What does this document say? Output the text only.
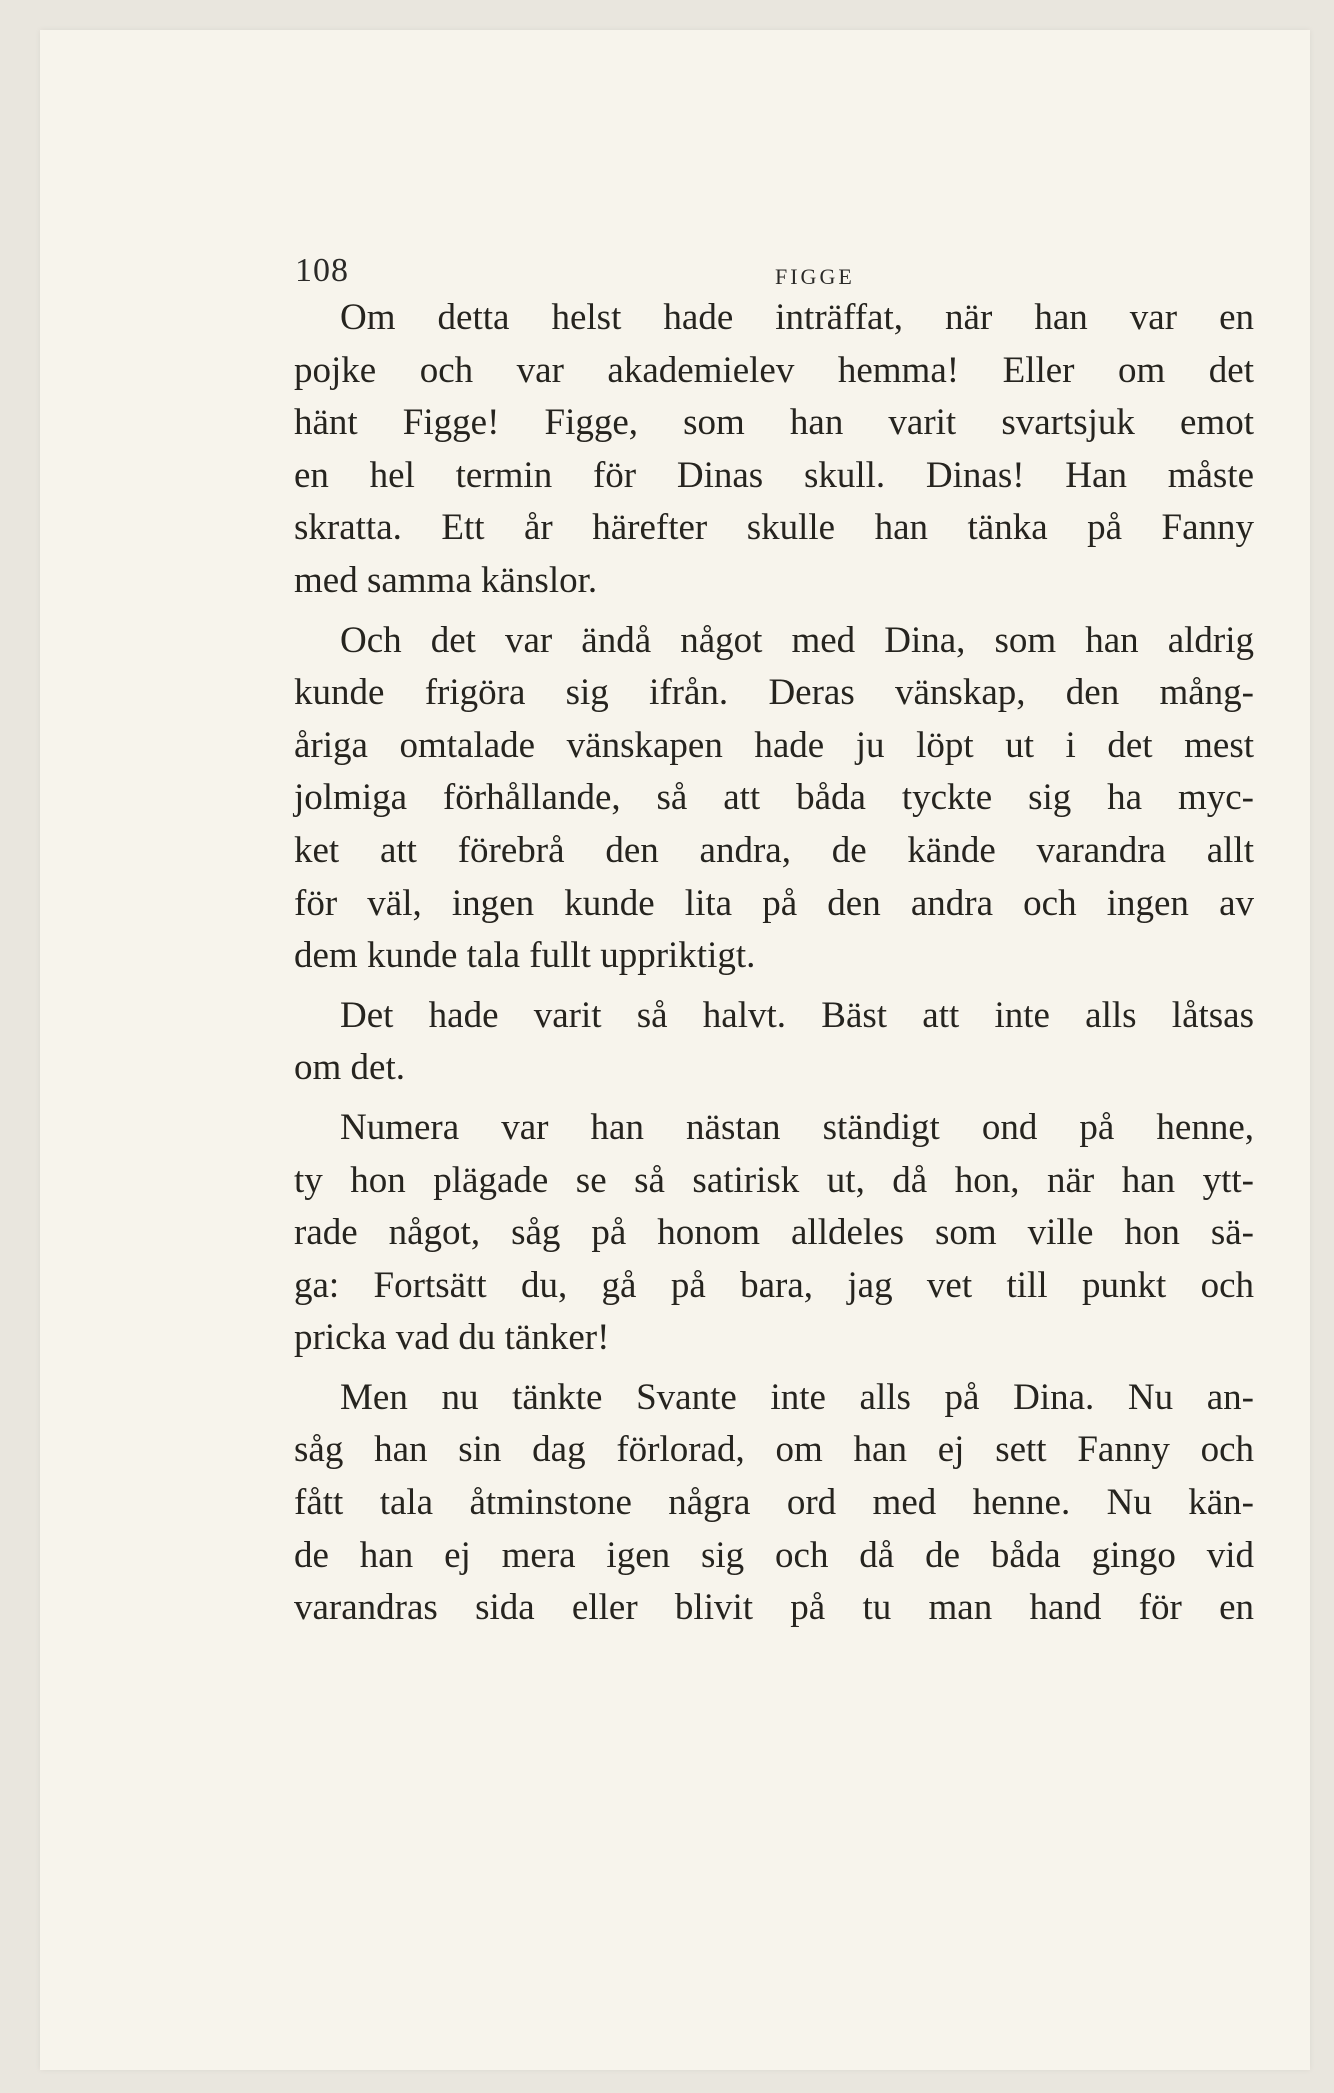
108	FIGGE
Om detta helst hade inträffat, när han var en
pojke och var akademielev hemma! Eller om det
hänt Figge! Figge, som han varit svartsjuk emot
en hel termin för Dinas skull. Dinas! Han måste
skratta. Ett år härefter skulle han tänka på Fanny
med samma känslor.
Och det var ändå något med Dina, som han aldrig
kunde frigöra sig ifrån. Deras vänskap, den mång-
åriga omtalade vänskapen hade ju löpt ut i det mest
jolmiga förhållande, så att båda tyckte sig ha myc-
ket att förebrå den andra, de kände varandra allt
för väl, ingen kunde lita på den andra och ingen av
dem kunde tala fullt uppriktigt.
Det hade varit så halvt. Bäst att inte alls låtsas
om det.
Numera var han nästan ständigt ond på henne,
ty hon plägade se så satirisk ut, då hon, när han ytt-
rade något, såg på honom alldeles som ville hon sä-
ga: Fortsätt du, gå på bara, jag vet till punkt och
pricka vad du tänker!
Men nu tänkte Svante inte alls på Dina. Nu an-
såg han sin dag förlorad, om han ej sett Fanny och
fått tala åtminstone några ord med henne. Nu kän-
de han ej mera igen sig och då de båda gingo vid
varandras sida eller blivit på tu man hand för en
